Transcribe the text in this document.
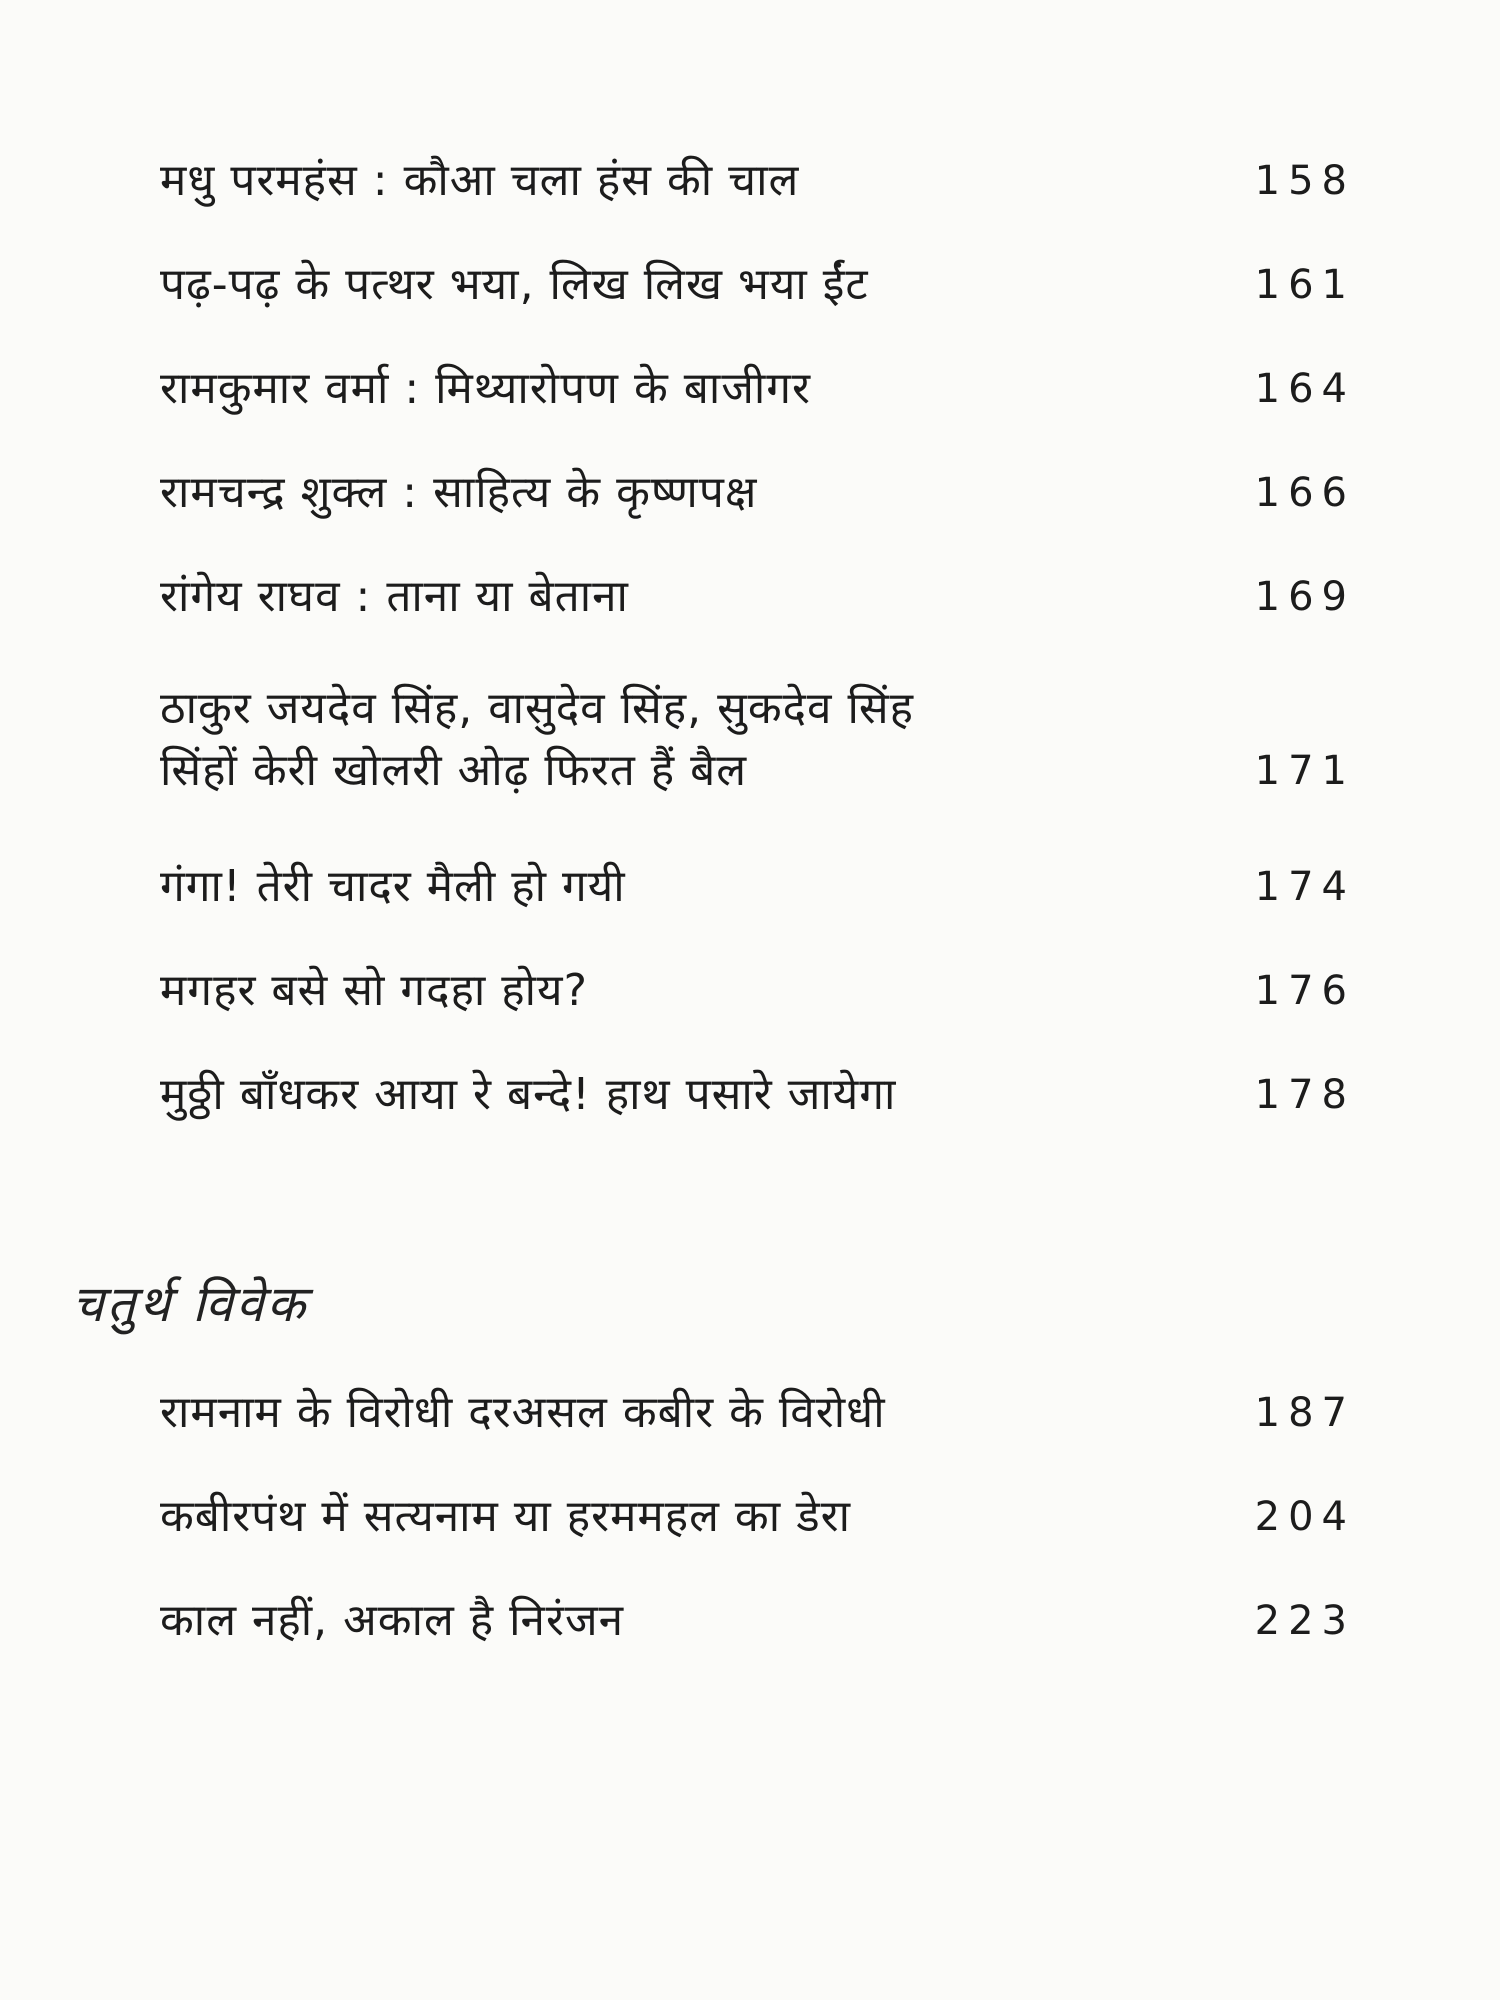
मधु परमहंस : कौआ चला हंस की चाल	158
पढ़-पढ़ के पत्थर भया, लिख लिख भया ईंट	161
रामकुमार वर्मा : मिथ्यारोपण के बाजीगर	164
रामचन्द्र शुक्ल : साहित्य के कृष्णपक्ष	166
रांगेय राघव : ताना या बेताना	169
ठाकुर जयदेव सिंह, वासुदेव सिंह, सुकदेव सिंह
सिंहों केरी खोलरी ओढ़ फिरत हैं बैल	171
गंगा! तेरी चादर मैली हो गयी	174
मगहर बसे सो गदहा होय?	176
मुठ्ठी बाँधकर आया रे बन्दे! हाथ पसारे जायेगा	178
चतुर्थ विवेक
रामनाम के विरोधी दरअसल कबीर के विरोधी	187
कबीरपंथ में सत्यनाम या हरममहल का डेरा	204
काल नहीं, अकाल है निरंजन	223
